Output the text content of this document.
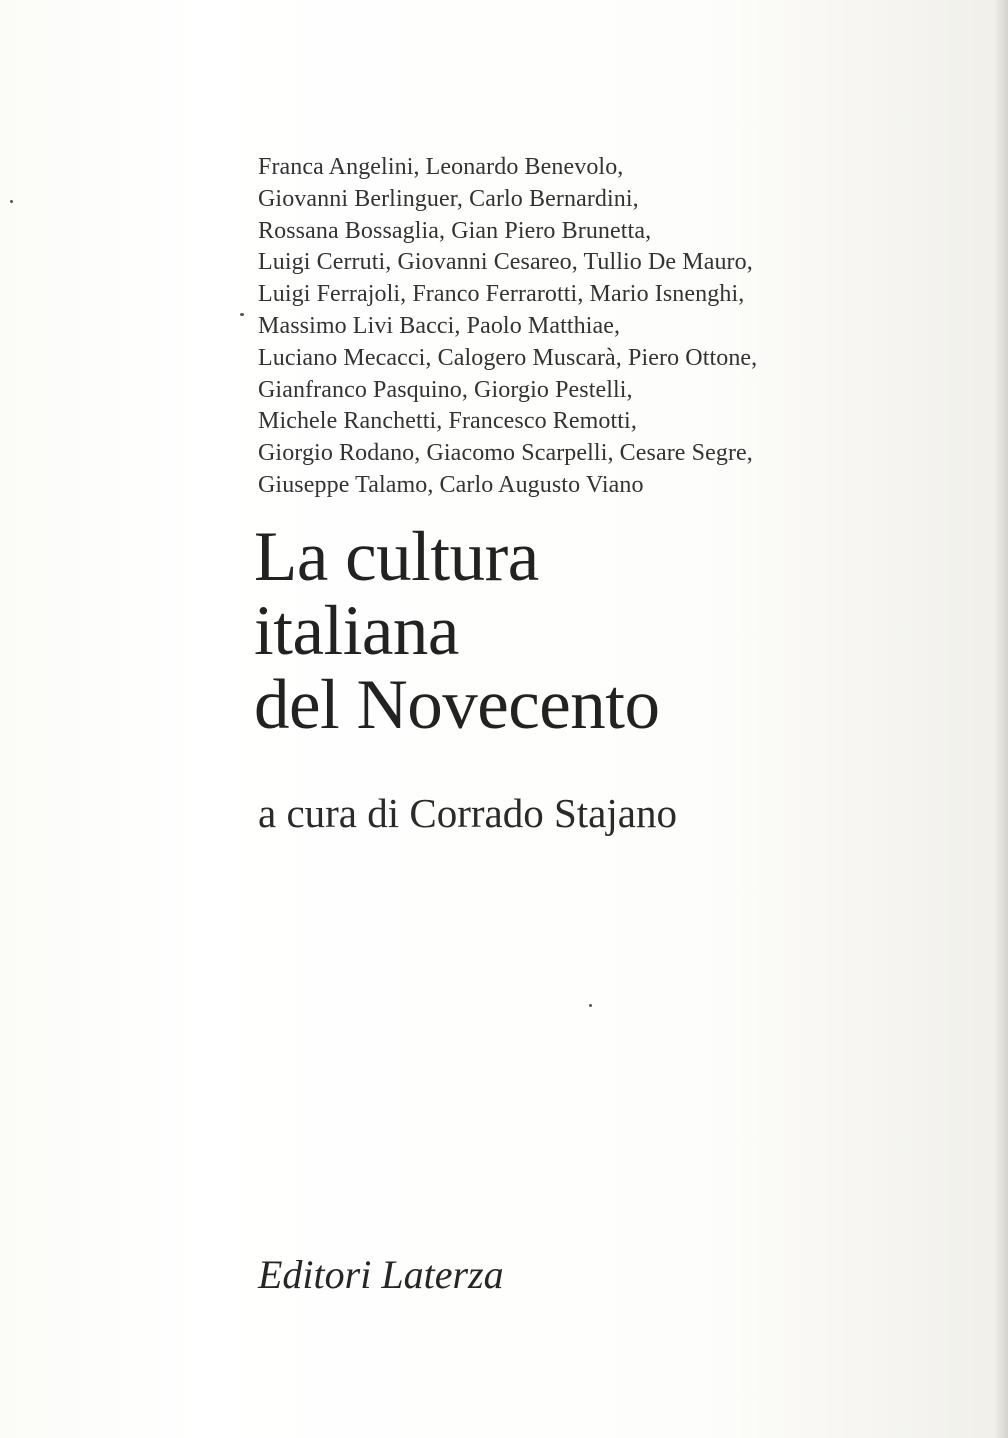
Franca Angelini, Leonardo Benevolo,
Giovanni Berlinguer, Carlo Bernardini,
Rossana Bossaglia, Gian Piero Brunetta,
Luigi Cerruti, Giovanni Cesareo, Tullio De Mauro,
Luigi Ferrajoli, Franco Ferrarotti, Mario Isnenghi,
Massimo Livi Bacci, Paolo Matthiae,
Luciano Mecacci, Calogero Muscarà, Piero Ottone,
Gianfranco Pasquino, Giorgio Pestelli,
Michele Ranchetti, Francesco Remotti,
Giorgio Rodano, Giacomo Scarpelli, Cesare Segre,
Giuseppe Talamo, Carlo Augusto Viano
La cultura
italiana
del Novecento

a cura di Corrado Stajano

Editori Laterza
